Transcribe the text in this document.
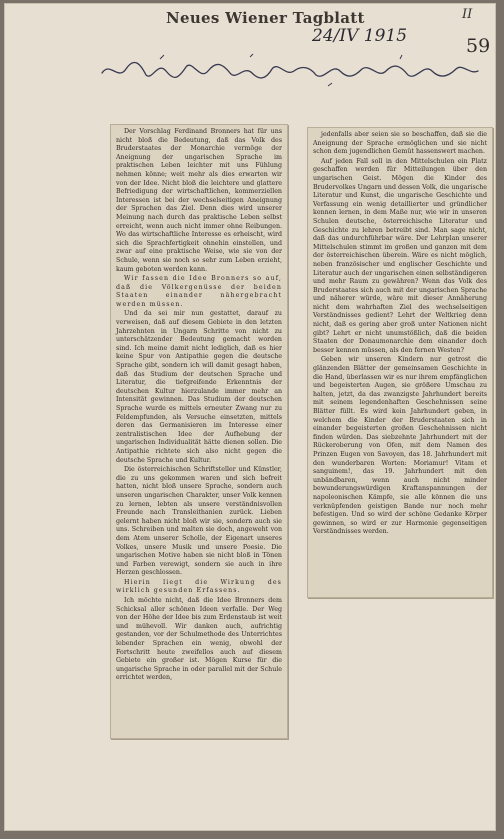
Neues Wiener Tagblatt	II
24/IV 1915	59

Der Vorschlag Ferdinand Bronners hat für uns nicht bloß die Bedeutung, daß das Volk des Bruderstaates der Monarchie vermöge der Aneignung der ungarischen Sprache im praktischen Leben leichter mit uns Fühlung nehmen könne; weit mehr als dies erwarten wir von der Idee. Nicht bloß die leichtere und glattere Befriedigung der wirtschaftlichen, kommerziellen Interessen ist bei der wechselseitigen Aneignung der Sprachen das Ziel. Denn dies wird unserer Meinung nach durch das praktische Leben selbst erreicht, wenn auch nicht immer ohne Reibungen. Wo das wirtschaftliche Interesse es erheischt, wird sich die Sprachfertigkeit ohnehin einstellen, und zwar auf eine praktische Weise, wie sie von der Schule, wenn sie noch so sehr zum Leben erzieht, kaum geboten werden kann.

Wir fassen die Idee Bronners so auf, daß die Völkergenüsse der beiden Staaten einander nähergebracht werden müssen.

Und da sei mir nun gestattet, darauf zu verweisen, daß auf diesem Gebiete in den letzten Jahrzehnten in Ungarn Schritte von nicht zu unterschätzender Bedeutung gemacht worden sind. Ich meine damit nicht lediglich, daß es hier keine Spur von Antipathie gegen die deutsche Sprache gibt, sondern ich will damit gesagt haben, daß das Studium der deutschen Sprache und Literatur, die tiefgreifende Erkenntnis der deutschen Kultur hierzulande immer mehr an Intensität gewinnen. Das Studium der deutschen Sprache wurde es mittels erneuter Zwang nur zu Feldempfunden, als Versuche einsetzten, mittels deren das Germanisieren im Interesse einer zentralistischen Idee der Aufhebung der ungarischen Individualität hätte dienen sollen. Die Antipathie richtete sich also nicht gegen die deutsche Sprache und Kultur.

Die österreichischen Schriftsteller und Künstler, die zu uns gekommen waren und sich befreit hatten, nicht bloß unsere Sprache, sondern auch unseren ungarischen Charakter, unser Volk kennen zu lernen, lebten als unsere verständnisvollen Freunde nach Transleithanien zurück. Lieben gelernt haben nicht bloß wir sie, sondern auch sie uns. Schreiben und malten sie doch, angeweht von dem Atem unserer Scholle, der Eigenart unseres Volkes, unsere Musik und unsere Poesie. Die ungarischen Motive haben sie nicht bloß in Tönen und Farben verewigt, sondern sie auch in ihre Herzen geschlossen.

Hierin liegt die Wirkung des wirklich gesunden Erfassens.

Ich möchte nicht, daß die Idee Bronners dem Schicksal aller schönen Ideen verfalle. Der Weg von der Höhe der Idee bis zum Erdenstaub ist weit und mühevoll. Wir danken auch, aufrichtig gestanden, vor der Schulmethode des Unterrichtes lebender Sprachen ein wenig, obwohl der Fortschritt heute zweifellos auch auf diesem Gebiete ein großer ist. Mögen Kurse für die ungarische Sprache in oder parallel mit der Schule errichtet werden,

jedenfalls aber seien sie so beschaffen, daß sie die Aneignung der Sprache ermöglichen und sie nicht schon dem jugendlichen Gemüt hassenswert machen.

Auf jeden Fall soll in den Mittelschulen ein Platz geschaffen werden für Mitteilungen über den ungarischen Geist. Mögen die Kinder des Brudervolkes Ungarn und dessen Volk, die ungarische Literatur und Kunst, die ungarische Geschichte und Verfassung ein wenig detaillierter und gründlicher kennen lernen, in dem Maße nur, wie wir in unseren Schulen deutsche, österreichische Literatur und Geschichte zu lehren betreibt sind. Man sage nicht, daß das undurchführbar wäre. Der Lehrplan unserer Mittelschulen stimmt im großen und ganzen mit dem der österreichischen überein. Wäre es nicht möglich, neben französischer und englischer Geschichte und Literatur auch der ungarischen einen selbständigeren und mehr Raum zu gewähren? Wenn das Volk des Bruderstaates sich auch mit der ungarischen Sprache und näherer würde, wäre mit dieser Annäherung nicht dem wahrhaften Ziel des wechselseitigen Verständnisses gedient? Lehrt der Weltkrieg denn nicht, daß es gering aber groß unter Nationen nicht gibt? Lehrt er nicht unumstößlich, daß die beiden Staaten der Donaumonarchie dem einander doch besser kennen müssen, als den fernen Westen?

Geben wir unseren Kindern nur getrost die glänzenden Blätter der gemeinsamen Geschichte in die Hand, überlassen wir es nur ihrem empfänglichen und begeisterten Augen, sie größere Umschau zu halten, jetzt, da das zwanzigste Jahrhundert bereits mit seinem legendenhaften Geschehnissen seine Blätter füllt. Es wird kein Jahrhundert geben, in welchem die Kinder der Bruderstaaten sich in einander begeisterten großen Geschehnissen nicht finden würden. Das siebzehnte Jahrhundert mit der Rückeroberung von Ofen, mit dem Namen des Prinzen Eugen von Savoyen, das 18. Jahrhundert mit den wunderbaren Worten: Moriamur! Vitam et sanguinem!, das 19. Jahrhundert mit den unbändbaren, wenn auch nicht minder bewunderungswürdigen Kraftanspannungen der napoleonischen Kämpfe, sie alle können die uns verknüpfenden geistigen Bande nur noch mehr befestigen. Und so wird der schöne Gedanke Körper gewinnen, so wird er zur Harmonie gegenseitigen Verständnisses werden.
